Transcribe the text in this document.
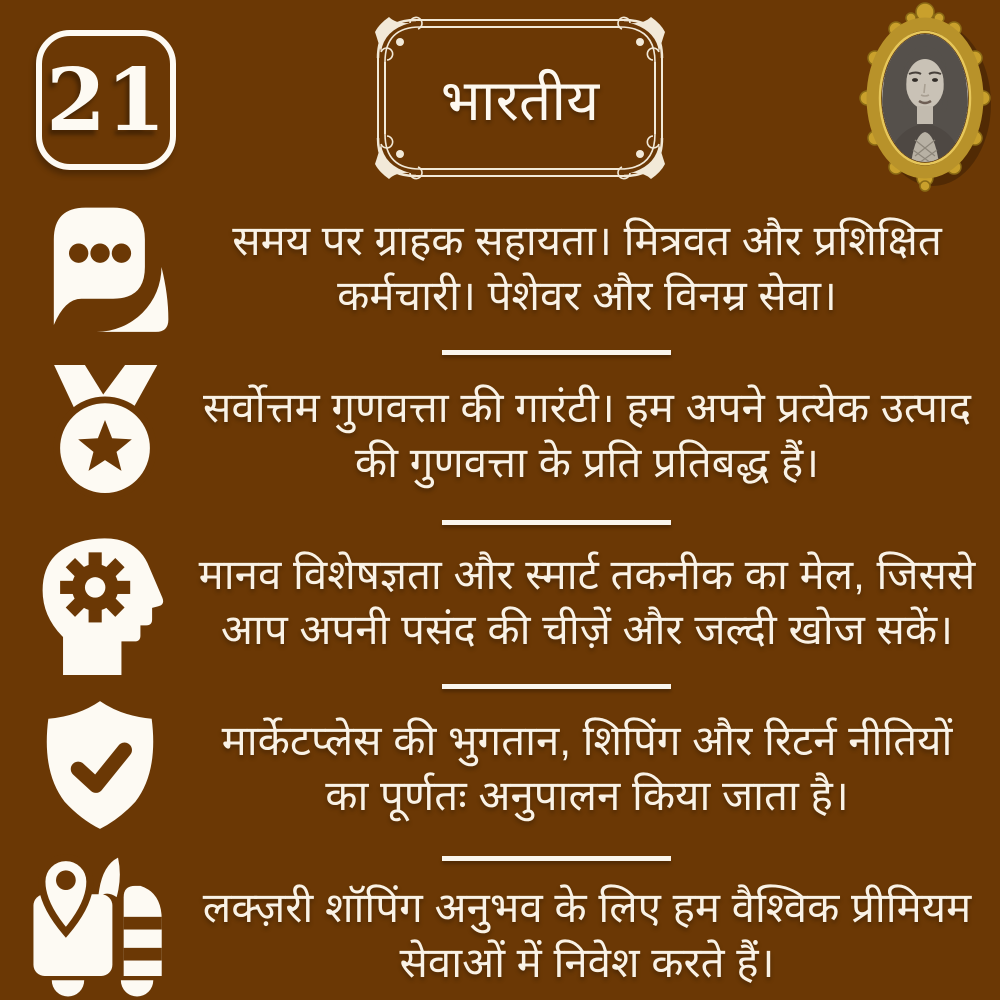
21	भारतीय
समय पर ग्राहक सहायता। मित्रवत और प्रशिक्षित
कर्मचारी। पेशेवर और विनम्र सेवा।
सर्वोत्तम गुणवत्ता की गारंटी। हम अपने प्रत्येक उत्पाद
की गुणवत्ता के प्रति प्रतिबद्ध हैं।
मानव विशेषज्ञता और स्मार्ट तकनीक का मेल, जिससे
आप अपनी पसंद की चीज़ें और जल्दी खोज सकें।
मार्केटप्लेस की भुगतान, शिपिंग और रिटर्न नीतियों
का पूर्णतः अनुपालन किया जाता है।
लक्ज़री शॉपिंग अनुभव के लिए हम वैश्विक प्रीमियम
सेवाओं में निवेश करते हैं।
